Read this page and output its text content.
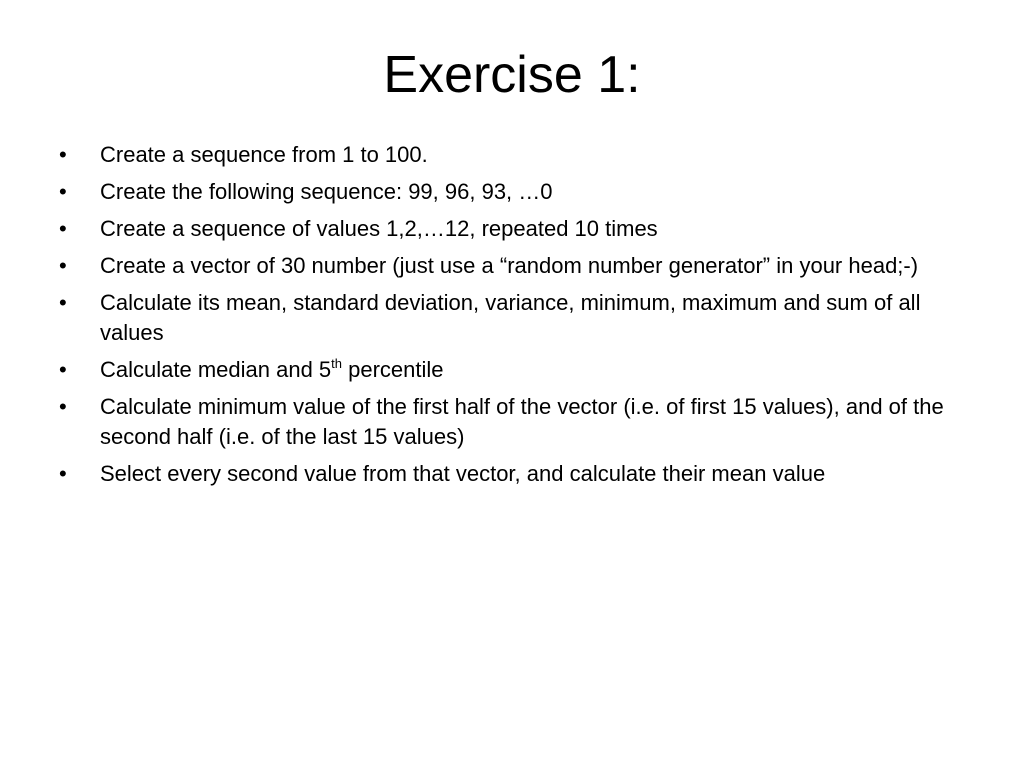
Exercise 1:
• Create a sequence from 1 to 100.
• Create the following sequence: 99, 96, 93, …0
• Create a sequence of values 1,2,…12, repeated 10 times
• Create a vector of 30 number (just use a “random number generator” in your head;-)
• Calculate its mean, standard deviation, variance, minimum, maximum and sum of all values
• Calculate median and 5th percentile
• Calculate minimum value of the first half of the vector (i.e. of first 15 values), and of the second half (i.e. of the last 15 values)
• Select every second value from that vector, and calculate their mean value
